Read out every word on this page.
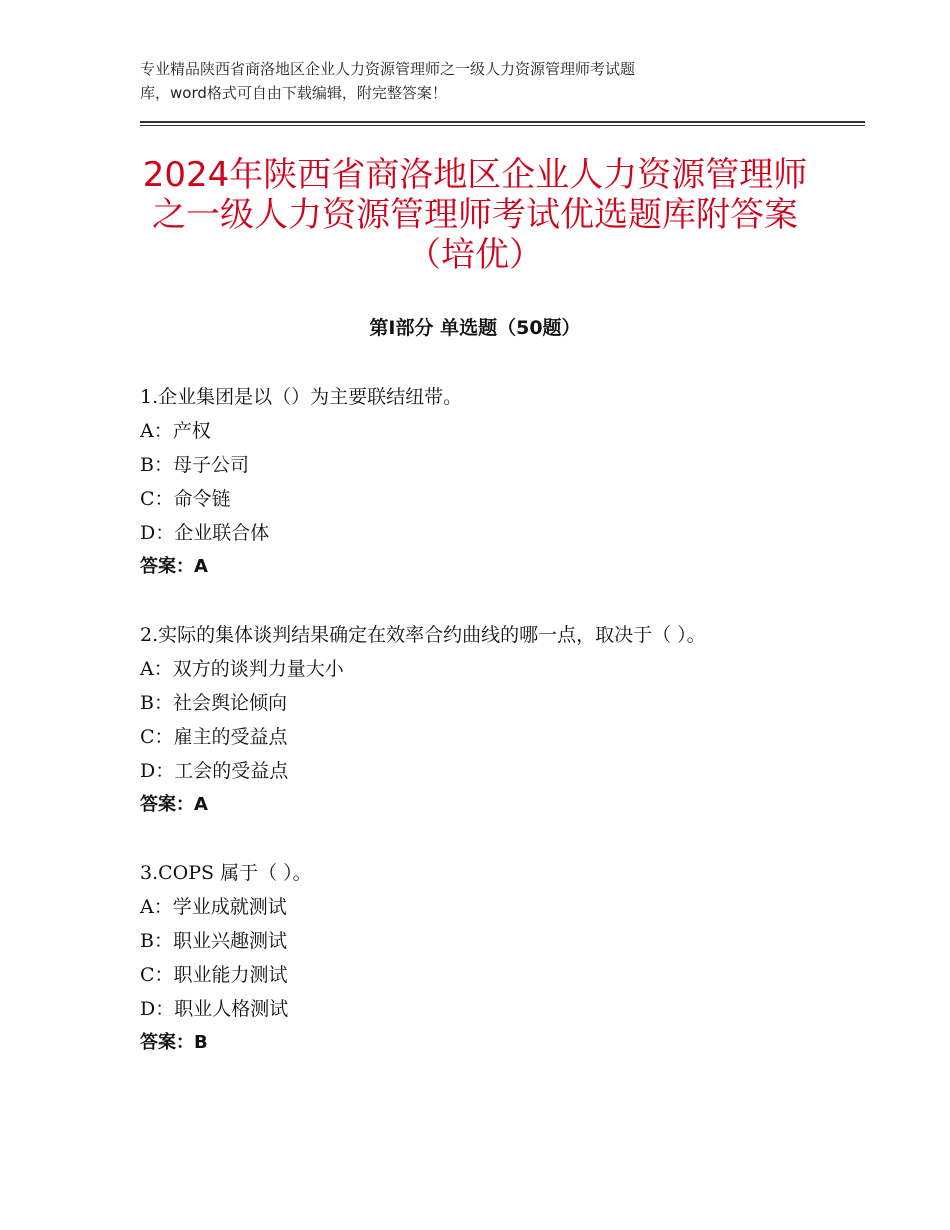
专业精品陕西省商洛地区企业人力资源管理师之一级人力资源管理师考试题
库，word格式可自由下载编辑，附完整答案！
2024年陕西省商洛地区企业人力资源管理师
之一级人力资源管理师考试优选题库附答案
（培优）
第Ⅰ部分 单选题（50题）
1.企业集团是以（）为主要联结纽带。
A：产权
B：母子公司
C：命令链
D：企业联合体
答案：A
2.实际的集体谈判结果确定在效率合约曲线的哪一点，取决于（ ）。
A：双方的谈判力量大小
B：社会舆论倾向
C：雇主的受益点
D：工会的受益点
答案：A
3.COPS 属于（ ）。
A：学业成就测试
B：职业兴趣测试
C：职业能力测试
D：职业人格测试
答案：B
